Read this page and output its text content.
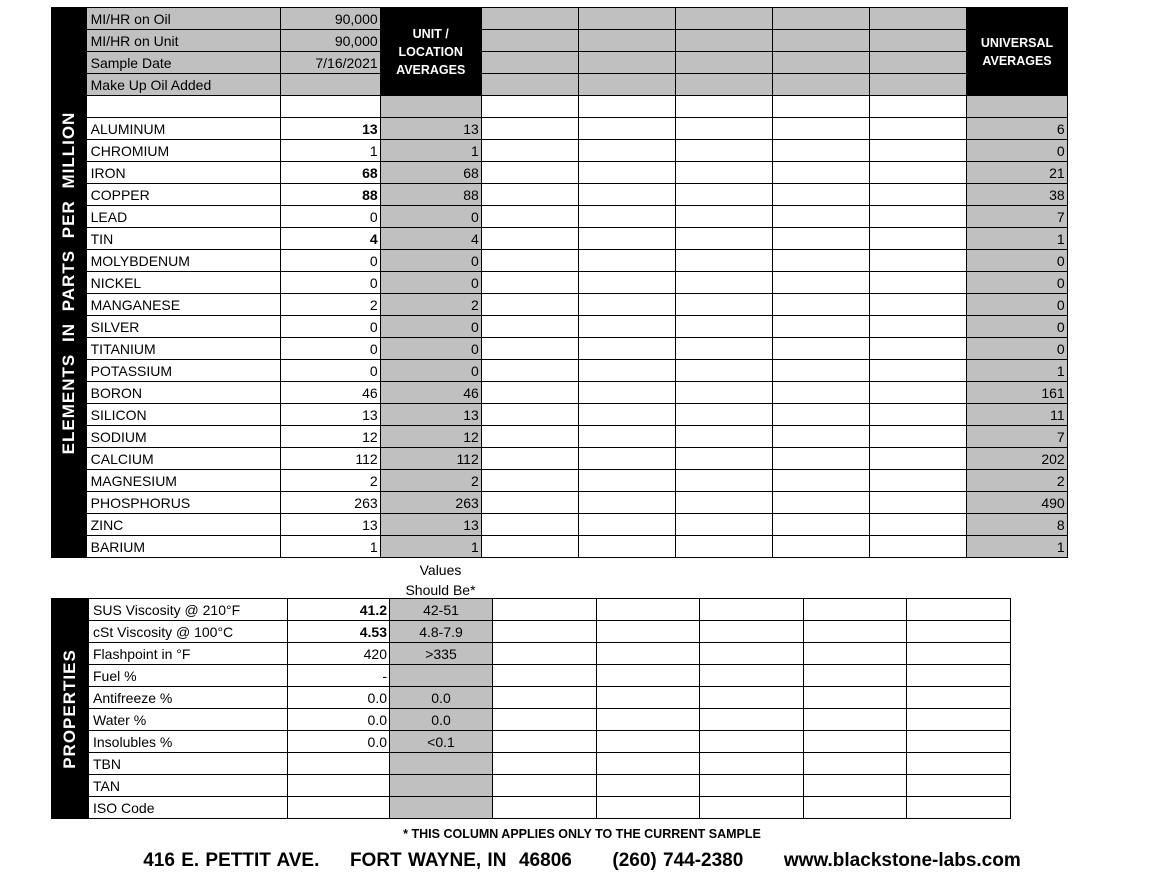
ELEMENTS IN PARTS PER MILLION	MI/HR on Oil	90,000	UNIT / LOCATION AVERAGES						UNIVERSAL AVERAGES
	MI/HR on Unit	90,000							
	Sample Date	7/16/2021							
	Make Up Oil Added								

	ALUMINUM	13	13						6
	CHROMIUM	1	1						0
	IRON	68	68						21
	COPPER	88	88						38
	LEAD	0	0						7
	TIN	4	4						1
	MOLYBDENUM	0	0						0
	NICKEL	0	0						0
	MANGANESE	2	2						0
	SILVER	0	0						0
	TITANIUM	0	0						0
	POTASSIUM	0	0						1
	BORON	46	46						161
	SILICON	13	13						11
	SODIUM	12	12						7
	CALCIUM	112	112						202
	MAGNESIUM	2	2						2
	PHOSPHORUS	263	263						490
	ZINC	13	13						8
	BARIUM	1	1						1
Values
Should Be*
PROPERTIES	SUS Viscosity @ 210°F	41.2	42-51					
	cSt Viscosity @ 100°C	4.53	4.8-7.9					
	Flashpoint in °F	420	>335					
	Fuel %	-						
	Antifreeze %	0.0	0.0					
	Water %	0.0	0.0					
	Insolubles %	0.0	<0.1					
	TBN							
	TAN							
	ISO Code							
* THIS COLUMN APPLIES ONLY TO THE CURRENT SAMPLE
416 E. PETTIT AVE. FORT WAYNE, IN  46806 (260) 744-2380 www.blackstone-labs.com
